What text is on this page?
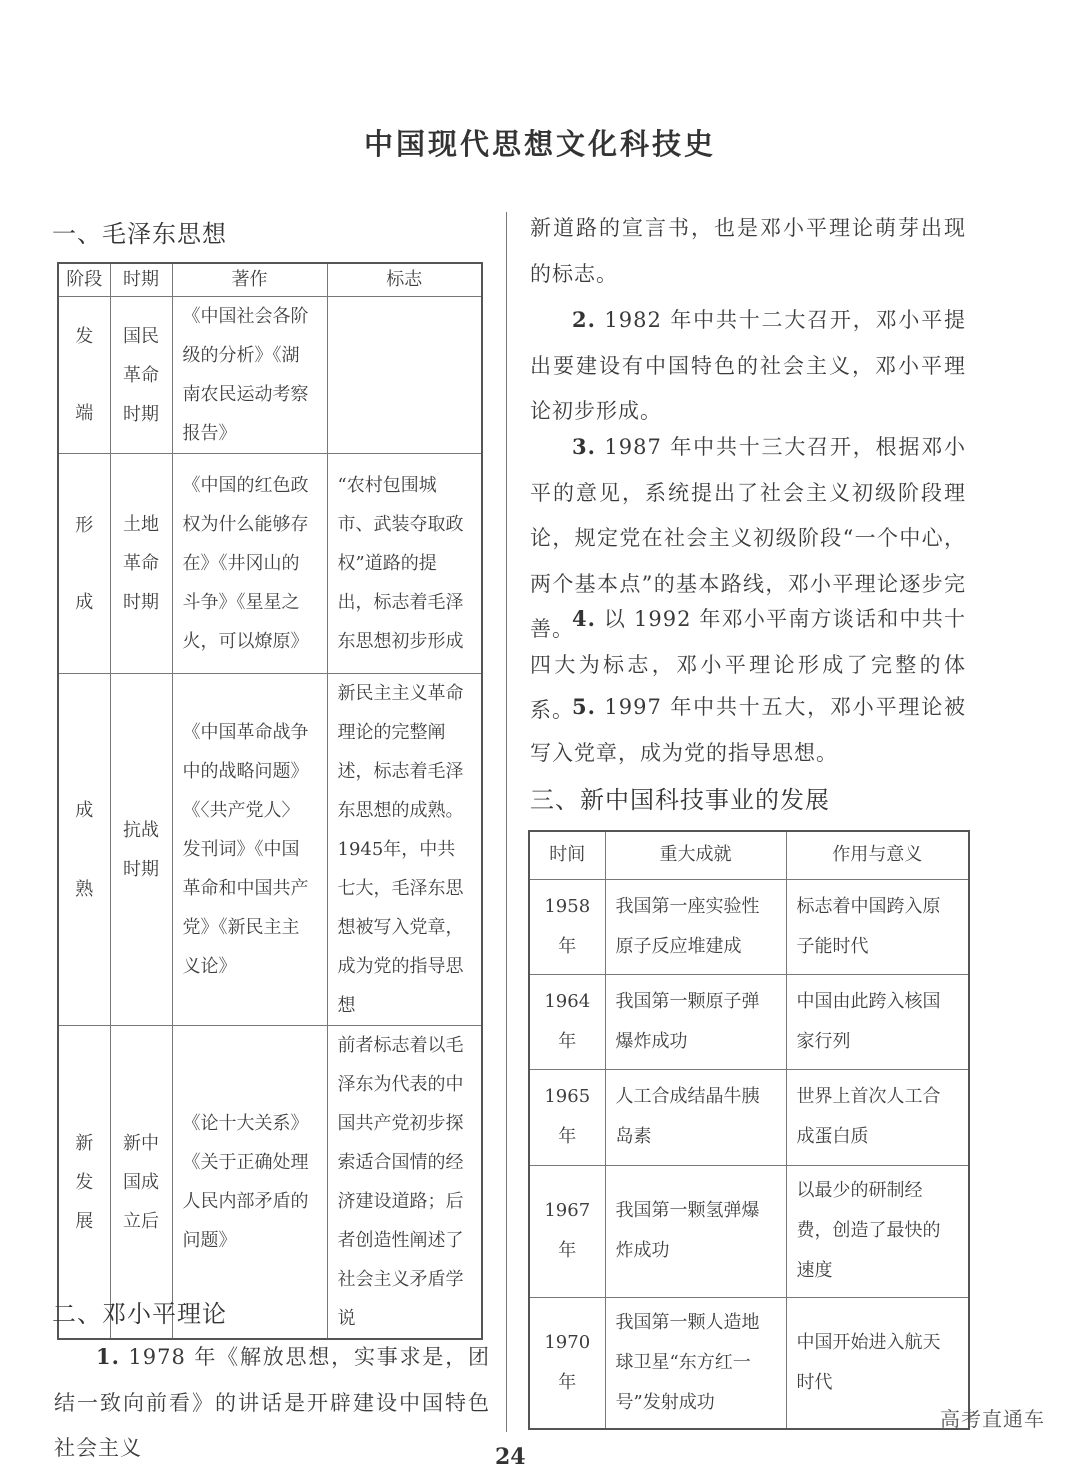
中国现代思想文化科技史
一、毛泽东思想
阶段	时期	著作	标志

发
端	国民
革命
时期	《中国社会各阶级的分析》《湖南农民运动考察报告》	

形
成	土地
革命
时期	《中国的红色政权为什么能够存在》《井冈山的斗争》《星星之火，可以燎原》	“农村包围城市、武装夺取政权”道路的提出，标志着毛泽东思想初步形成

成
熟	抗战
时期	《中国革命战争中的战略问题》《〈共产党人〉发刊词》《中国革命和中国共产党》《新民主主义论》	新民主主义革命理论的完整阐述，标志着毛泽东思想的成熟。1945年，中共七大，毛泽东思想被写入党章，成为党的指导思想

新
发
展	新中
国成
立后	《论十大关系》《关于正确处理人民内部矛盾的问题》	前者标志着以毛泽东为代表的中国共产党初步探索适合国情的经济建设道路；后者创造性阐述了社会主义矛盾学说
二、邓小平理论
1. 1978 年《解放思想，实事求是，团结一致向前看》的讲话是开辟建设中国特色社会主义
新道路的宣言书，也是邓小平理论萌芽出现的标志。
2. 1982 年中共十二大召开，邓小平提出要建设有中国特色的社会主义，邓小平理论初步形成。
3. 1987 年中共十三大召开，根据邓小平的意见，系统提出了社会主义初级阶段理论，规定党在社会主义初级阶段“一个中心，两个基本点”的基本路线，邓小平理论逐步完善。
4. 以 1992 年邓小平南方谈话和中共十四大为标志，邓小平理论形成了完整的体系。
5. 1997 年中共十五大，邓小平理论被写入党章，成为党的指导思想。
三、新中国科技事业的发展
时间	重大成就	作用与意义
1958 年	我国第一座实验性原子反应堆建成	标志着中国跨入原子能时代
1964 年	我国第一颗原子弹爆炸成功	中国由此跨入核国家行列
1965 年	人工合成结晶牛胰岛素	世界上首次人工合成蛋白质
1967 年	我国第一颗氢弹爆炸成功	以最少的研制经费，创造了最快的速度
1970 年	我国第一颗人造地球卫星“东方红一号”发射成功	中国开始进入航天时代
高考直通车
24
